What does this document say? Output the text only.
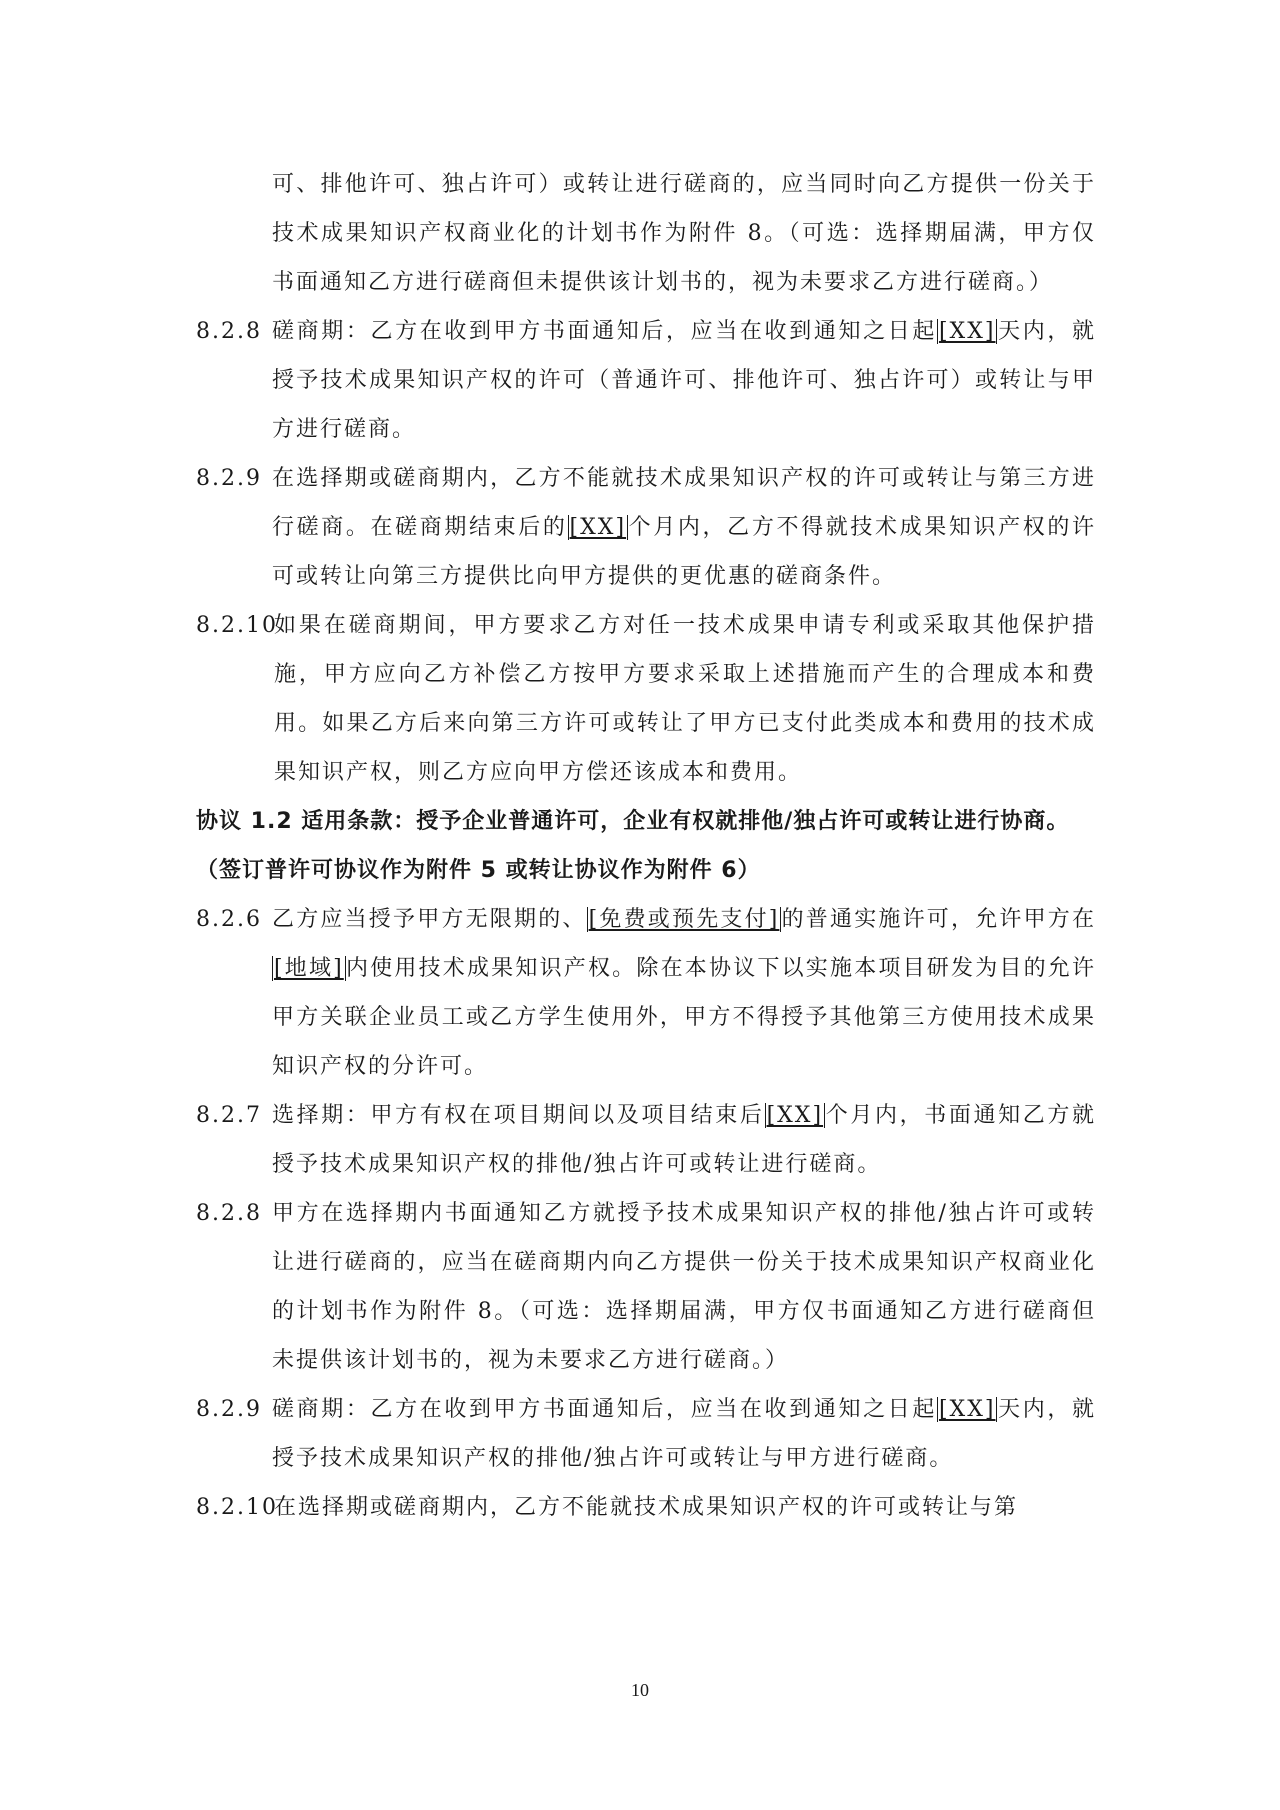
可、排他许可、独占许可）或转让进行磋商的，应当同时向乙方提供一份关于技术成果知识产权商业化的计划书作为附件 8。（可选：选择期届满，甲方仅书面通知乙方进行磋商但未提供该计划书的，视为未要求乙方进行磋商。）

8.2.8 磋商期：乙方在收到甲方书面通知后，应当在收到通知之日起[XX]天内，就授予技术成果知识产权的许可（普通许可、排他许可、独占许可）或转让与甲方进行磋商。

8.2.9 在选择期或磋商期内，乙方不能就技术成果知识产权的许可或转让与第三方进行磋商。在磋商期结束后的[XX]个月内，乙方不得就技术成果知识产权的许可或转让向第三方提供比向甲方提供的更优惠的磋商条件。

8.2.10
如果在磋商期间，甲方要求乙方对任一技术成果申请专利或采取其他保护措施，甲方应向乙方补偿乙方按甲方要求采取上述措施而产生的合理成本和费用。如果乙方后来向第三方许可或转让了甲方已支付此类成本和费用的技术成果知识产权，则乙方应向甲方偿还该成本和费用。

协议 1.2 适用条款：授予企业普通许可，企业有权就排他/独占许可或转让进行协商。（签订普许可协议作为附件 5 或转让协议作为附件 6）

8.2.6 乙方应当授予甲方无限期的、[免费或预先支付]的普通实施许可，允许甲方在[地域]内使用技术成果知识产权。除在本协议下以实施本项目研发为目的允许甲方关联企业员工或乙方学生使用外，甲方不得授予其他第三方使用技术成果知识产权的分许可。

8.2.7 选择期：甲方有权在项目期间以及项目结束后[XX]个月内，书面通知乙方就授予技术成果知识产权的排他/独占许可或转让进行磋商。

8.2.8 甲方在选择期内书面通知乙方就授予技术成果知识产权的排他/独占许可或转让进行磋商的，应当在磋商期内向乙方提供一份关于技术成果知识产权商业化的计划书作为附件 8。（可选：选择期届满，甲方仅书面通知乙方进行磋商但未提供该计划书的，视为未要求乙方进行磋商。）

8.2.9 磋商期：乙方在收到甲方书面通知后，应当在收到通知之日起[XX]天内，就授予技术成果知识产权的排他/独占许可或转让与甲方进行磋商。

8.2.10
在选择期或磋商期内，乙方不能就技术成果知识产权的许可或转让与第

10
